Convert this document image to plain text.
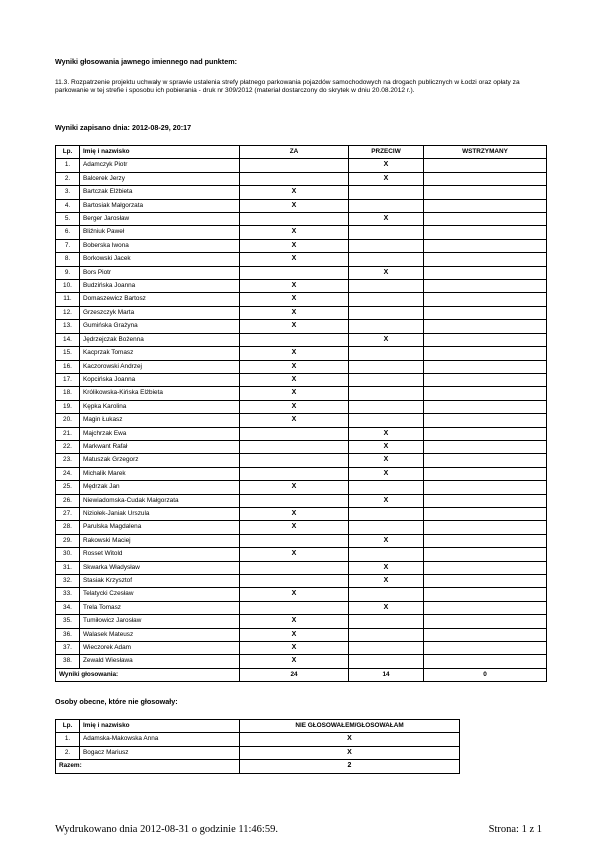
Wyniki głosowania jawnego imiennego nad punktem:
11.3. Rozpatrzenie projektu uchwały w sprawie ustalenia strefy płatnego parkowania pojazdów samochodowych na drogach publicznych w Łodzi oraz opłaty za parkowanie w tej strefie i sposobu ich pobierania - druk nr 309/2012 (materiał dostarczony do skrytek w dniu 20.08.2012 r.).
Wyniki zapisano dnia: 2012-08-29, 20:17
Lp.	Imię i nazwisko	ZA	PRZECIW	WSTRZYMANY
1.	Adamczyk Piotr		X	
2.	Balcerek Jerzy		X	
3.	Bartczak Elżbieta	X		
4.	Bartosiak Małgorzata	X		
5.	Berger Jarosław		X	
6.	Bliźniuk Paweł	X		
7.	Boberska Iwona	X		
8.	Borkowski Jacek	X		
9.	Bors Piotr		X	
10.	Budzińska Joanna	X		
11.	Domaszewicz Bartosz	X		
12.	Grzeszczyk Marta	X		
13.	Gumińska Grażyna	X		
14.	Jędrzejczak Bożenna		X	
15.	Kacprzak Tomasz	X		
16.	Kaczorowski Andrzej	X		
17.	Kopcińska Joanna	X		
18.	Królikowska-Kińska Elżbieta	X		
19.	Kępka Karolina	X		
20.	Magin Łukasz	X		
21.	Majchrzak Ewa		X	
22.	Markwant Rafał		X	
23.	Matuszak Grzegorz		X	
24.	Michalik Marek		X	
25.	Mędrzak Jan	X		
26.	Niewiadomska-Cudak Małgorzata		X	
27.	Niziołek-Janiak Urszula	X		
28.	Parulska Magdalena	X		
29.	Rakowski Maciej		X	
30.	Rosset Witold	X		
31.	Skwarka Władysław		X	
32.	Stasiak Krzysztof		X	
33.	Telatycki Czesław	X		
34.	Trela Tomasz		X	
35.	Tumiłowicz Jarosław	X		
36.	Walasek Mateusz	X		
37.	Wieczorek Adam	X		
38.	Zewald Wiesława	X		
Wyniki głosowania:		24	14	0
Osoby obecne, które nie głosowały:
Lp.	Imię i nazwisko	NIE GŁOSOWAŁEM/GŁOSOWAŁAM
1.	Adamska-Makowska Anna	X
2.	Bogacz Mariusz	X
Razem:		2
Wydrukowano dnia 2012-08-31 o godzinie 11:46:59.	Strona: 1 z 1
